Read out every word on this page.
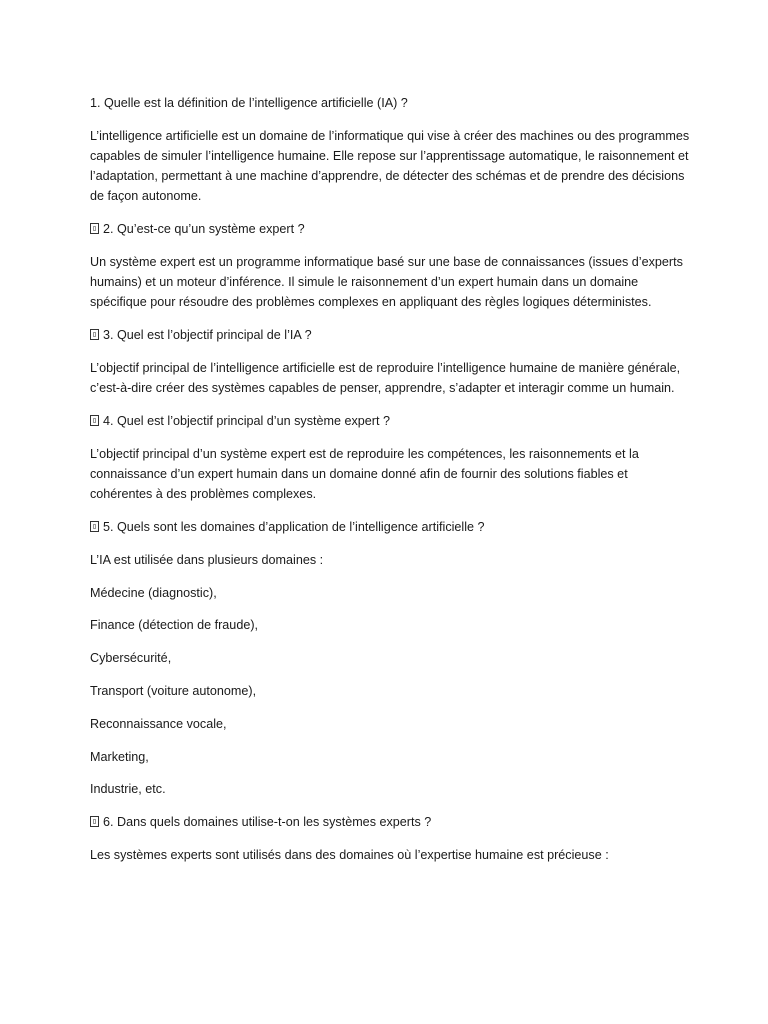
1. Quelle est la définition de l’intelligence artificielle (IA) ?

L’intelligence artificielle est un domaine de l’informatique qui vise à créer des machines ou des programmes capables de simuler l’intelligence humaine. Elle repose sur l’apprentissage automatique, le raisonnement et l’adaptation, permettant à une machine d’apprendre, de détecter des schémas et de prendre des décisions de façon autonome.

2. Qu’est-ce qu’un système expert ?

Un système expert est un programme informatique basé sur une base de connaissances (issues d’experts humains) et un moteur d’inférence. Il simule le raisonnement d’un expert humain dans un domaine spécifique pour résoudre des problèmes complexes en appliquant des règles logiques déterministes.

3. Quel est l’objectif principal de l’IA ?

L’objectif principal de l’intelligence artificielle est de reproduire l’intelligence humaine de manière générale, c’est-à-dire créer des systèmes capables de penser, apprendre, s’adapter et interagir comme un humain.

4. Quel est l’objectif principal d’un système expert ?

L’objectif principal d’un système expert est de reproduire les compétences, les raisonnements et la connaissance d’un expert humain dans un domaine donné afin de fournir des solutions fiables et cohérentes à des problèmes complexes.

5. Quels sont les domaines d’application de l’intelligence artificielle ?

L’IA est utilisée dans plusieurs domaines :

Médecine (diagnostic),

Finance (détection de fraude),

Cybersécurité,

Transport (voiture autonome),

Reconnaissance vocale,

Marketing,

Industrie, etc.

6. Dans quels domaines utilise-t-on les systèmes experts ?

Les systèmes experts sont utilisés dans des domaines où l’expertise humaine est précieuse :
